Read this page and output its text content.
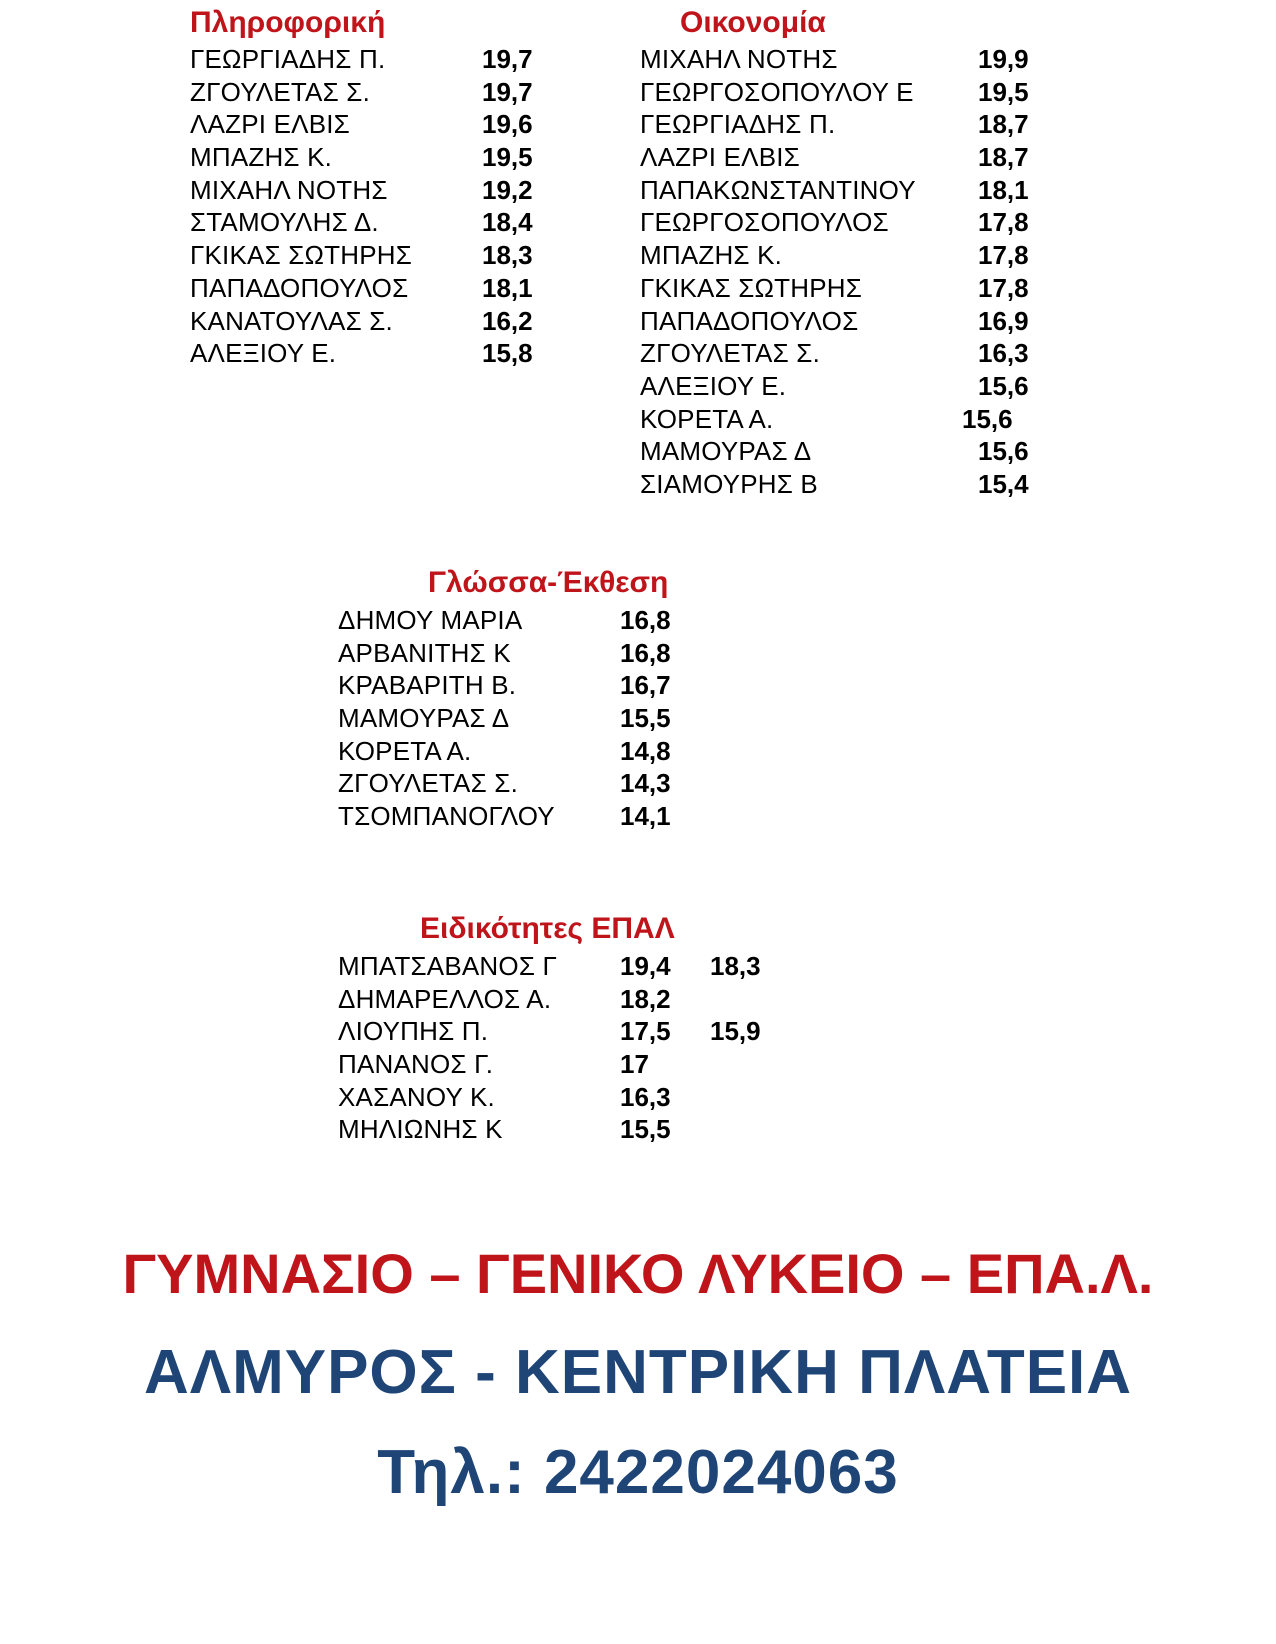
Πληροφορική
ΓΕΩΡΓΙΑΔΗΣ Π.	19,7
ΖΓΟΥΛΕΤΑΣ Σ.	19,7
ΛΑΖΡΙ ΕΛΒΙΣ	19,6
ΜΠΑΖΗΣ Κ.	19,5
ΜΙΧΑΗΛ ΝΟΤΗΣ	19,2
ΣΤΑΜΟΥΛΗΣ Δ.	18,4
ΓΚΙΚΑΣ ΣΩΤΗΡΗΣ	18,3
ΠΑΠΑΔΟΠΟΥΛΟΣ	18,1
ΚΑΝΑΤΟΥΛΑΣ Σ.	16,2
ΑΛΕΞΙΟΥ Ε.	15,8
Οικονομία
ΜΙΧΑΗΛ ΝΟΤΗΣ	19,9
ΓΕΩΡΓΟΣΟΠΟΥΛΟΥ Ε 19,5
ΓΕΩΡΓΙΑΔΗΣ Π.	18,7
ΛΑΖΡΙ ΕΛΒΙΣ	18,7
ΠΑΠΑΚΩΝΣΤΑΝΤΙΝΟΥ 18,1
ΓΕΩΡΓΟΣΟΠΟΥΛΟΣ	17,8
ΜΠΑΖΗΣ Κ.	17,8
ΓΚΙΚΑΣ ΣΩΤΗΡΗΣ	17,8
ΠΑΠΑΔΟΠΟΥΛΟΣ	16,9
ΖΓΟΥΛΕΤΑΣ Σ.	16,3
ΑΛΕΞΙΟΥ Ε.	15,6
ΚΟΡΕΤΑ Α.	15,6
ΜΑΜΟΥΡΑΣ Δ	15,6
ΣΙΑΜΟΥΡΗΣ Β	15,4
Γλώσσα-Έκθεση
ΔΗΜΟΥ ΜΑΡΙΑ	16,8
ΑΡΒΑΝΙΤΗΣ Κ	16,8
ΚΡΑΒΑΡΙΤΗ Β.	16,7
ΜΑΜΟΥΡΑΣ Δ	15,5
ΚΟΡΕΤΑ Α.	14,8
ΖΓΟΥΛΕΤΑΣ Σ.	14,3
ΤΣΟΜΠΑΝΟΓΛΟΥ	14,1
Ειδικότητες ΕΠΑΛ
ΜΠΑΤΣΑΒΑΝΟΣ Γ 19,4 18,3
ΔΗΜΑΡΕΛΛΟΣ Α.	18,2
ΛΙΟΥΠΗΣ Π.	17,5 15,9
ΠΑΝΑΝΟΣ Γ.	17
ΧΑΣΑΝΟΥ Κ.	16,3
ΜΗΛΙΩΝΗΣ Κ	15,5
ΓΥΜΝΑΣΙΟ – ΓΕΝΙΚΟ ΛΥΚΕΙΟ – ΕΠΑ.Λ.
ΑΛΜΥΡΟΣ - ΚΕΝΤΡΙΚΗ ΠΛΑΤΕΙΑ
Τηλ.: 2422024063
